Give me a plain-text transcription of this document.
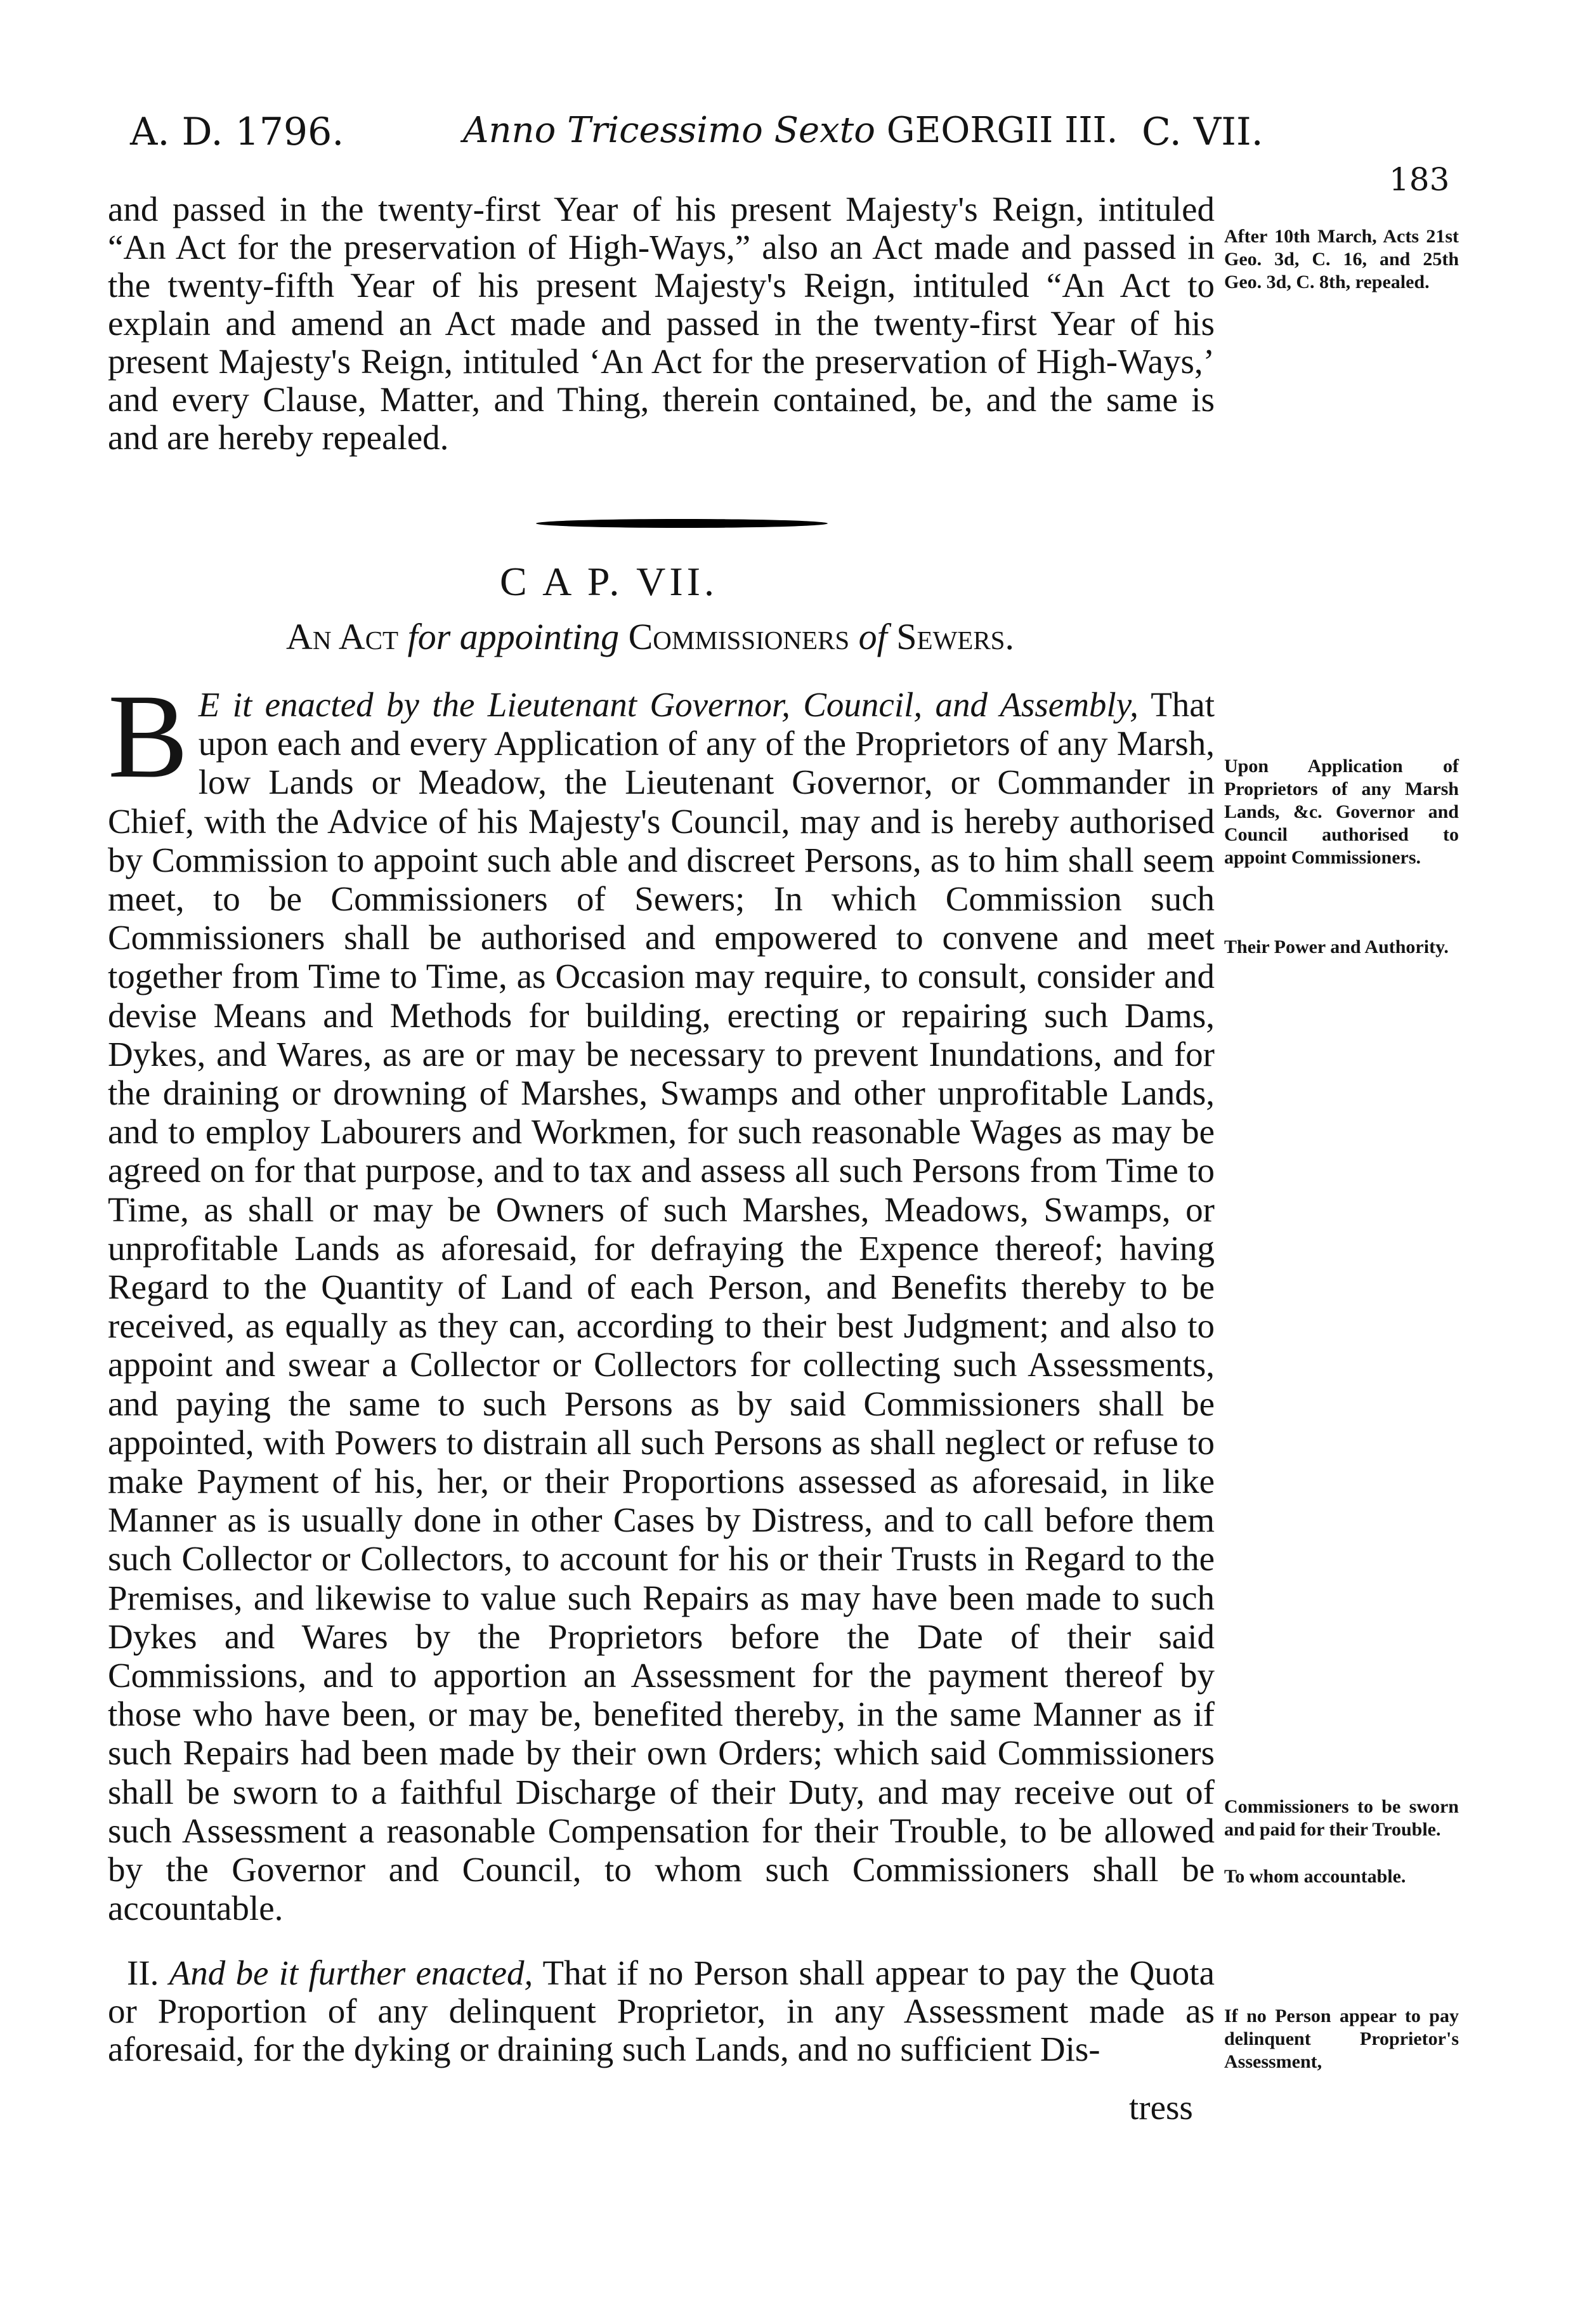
A. D. 1796.	Anno Tricessimo Sexto GEORGII III. C. VII.
183

and passed in the twenty-first Year of his present Majesty's Reign, intituled “An Act for the preservation of High-Ways,” also an Act made and passed in the twenty-fifth Year of his present Majesty's Reign, intituled “An Act to explain and amend an Act made and passed in the twenty-first Year of his present Majesty's Reign, intituled ‘An Act for the preservation of High-Ways,’ and every Clause, Matter, and Thing, therein contained, be, and the same is and are hereby repealed.

C A P. VII.
An Act for appointing Commissioners of Sewers.

B E it enacted by the Lieutenant Governor, Council, and Assembly, That upon each and every Application of any of the Proprietors of any Marsh, low Lands or Meadow, the Lieutenant Governor, or Commander in Chief, with the Advice of his Majesty's Council, may and is hereby authorised by Commission to appoint such able and discreet Persons, as to him shall seem meet, to be Commissioners of Sewers; In which Commission such Commissioners shall be authorised and empowered to convene and meet together from Time to Time, as Occasion may require, to consult, consider and devise Means and Methods for building, erecting or repairing such Dams, Dykes, and Wares, as are or may be necessary to prevent Inundations, and for the draining or drowning of Marshes, Swamps and other unprofitable Lands, and to employ Labourers and Workmen, for such reasonable Wages as may be agreed on for that purpose, and to tax and assess all such Persons from Time to Time, as shall or may be Owners of such Marshes, Meadows, Swamps, or unprofitable Lands as aforesaid, for defraying the Expence thereof; having Regard to the Quantity of Land of each Person, and Benefits thereby to be received, as equally as they can, according to their best Judgment; and also to appoint and swear a Collector or Collectors for collecting such Assessments, and paying the same to such Persons as by said Commissioners shall be appointed, with Powers to distrain all such Persons as shall neglect or refuse to make Payment of his, her, or their Proportions assessed as aforesaid, in like Manner as is usually done in other Cases by Distress, and to call before them such Collector or Collectors, to account for his or their Trusts in Regard to the Premises, and likewise to value such Repairs as may have been made to such Dykes and Wares by the Proprietors before the Date of their said Commissions, and to apportion an Assessment for the payment thereof by those who have been, or may be, benefited thereby, in the same Manner as if such Repairs had been made by their own Orders; which said Commissioners shall be sworn to a faithful Discharge of their Duty, and may receive out of such Assessment a reasonable Compensation for their Trouble, to be allowed by the Governor and Council, to whom such Commissioners shall be accountable.

II. And be it further enacted, That if no Person shall appear to pay the Quota or Proportion of any delinquent Proprietor, in any Assessment made as aforesaid, for the dyking or draining such Lands, and no sufficient Dis-

tress

After 10th March, Acts 21st Geo. 3d, C. 16, and 25th Geo. 3d, C. 8th, repealed.

Upon Application of Proprietors of any Marsh Lands, &c. Governor and Council authorised to appoint Commissioners.

Their Power and Authority.

Commissioners to be sworn and paid for their Trouble.

To whom accountable.

If no Person appear to pay delinquent Proprietor's Assessment,
